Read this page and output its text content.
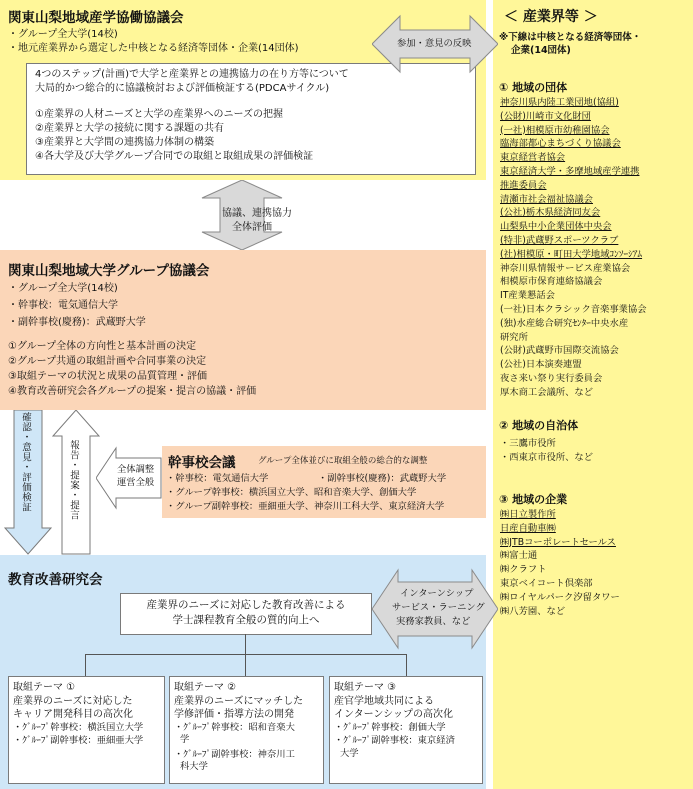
関東山梨地域産学協働協議会
・グループ全大学(14校)
・地元産業界から選定した中核となる経済等団体・企業(14団体)
4つのステップ(計画)で大学と産業界との連携協力の在り方等について
大局的かつ総合的に協議検討および評価検証する(PDCAサイクル)
①産業界の人材ニーズと大学の産業界へのニーズの把握
②産業界と大学の接続に関する課題の共有
③産業界と大学間の連携協力体制の構築
④各大学及び大学グループ合同での取組と取組成果の評価検証
参加・意見の反映
協議、連携協力
全体評価
関東山梨地域大学グループ協議会
・グループ全大学(14校)
・幹事校：電気通信大学
・副幹事校(慶務)：武蔵野大学
①グループ全体の方向性と基本計画の決定
②グループ共通の取組計画や合同事業の決定
③取組テーマの状況と成果の品質管理・評価
④教育改善研究会各グループの提案・提言の協議・評価
確認・意見・評価検証	報告・提案・提言	全体調整
運営全般
幹事校会議	グループ全体並びに取組全般の総合的な調整
・幹事校：電気通信大学	・副幹事校(慶務)：武蔵野大学
・グループ幹事校：横浜国立大学、昭和音楽大学、創価大学
・グループ副幹事校：亜細亜大学、神奈川工科大学、東京経済大学
教育改善研究会
産業界のニーズに対応した教育改善による
学士課程教育全般の質的向上へ
取組テーマ ①
産業界のニーズに対応した
キャリア開発科目の高次化
・ｸﾞﾙｰﾌﾟ幹事校：横浜国立大学
・ｸﾞﾙｰﾌﾟ副幹事校：亜細亜大学
取組テーマ ②
産業界のニーズにマッチした
学修評価・指導方法の開発
・ｸﾞﾙｰﾌﾟ幹事校：昭和音楽大
学
・ｸﾞﾙｰﾌﾟ副幹事校：神奈川工
科大学
取組テーマ ③
産官学地域共同による
インターンシップの高次化
・ｸﾞﾙｰﾌﾟ幹事校：創価大学
・ｸﾞﾙｰﾌﾟ副幹事校：東京経済
大学
インターンシップ
サービス・ラーニング
実務家教員、など
＜ 産業界等 ＞
※下線は中核となる経済等団体・
企業(14団体)
① 地域の団体
神奈川県内陸工業団地(協組)
(公財)川崎市文化財団
(一社)相模原市幼稚園協会
臨海部都心まちづくり協議会
東京経営者協会
東京経済大学・多摩地域産学連携
推進委員会
清瀬市社会福祉協議会
(公社)栃木県経済同友会
山梨県中小企業団体中央会
(特非)武蔵野スポーツクラブ
(社)相模原・町田大学地域ｺﾝｿｰｼｱﾑ
神奈川県情報サービス産業協会
相模原市保育連絡協議会
IT産業懇話会
(一社)日本クラシック音楽事業協会
(独)水産総合研究ｾﾝﾀｰ中央水産
研究所
(公財)武蔵野市国際交流協会
(公社)日本演奏連盟
夜さ来い祭り実行委員会
厚木商工会議所、など
② 地域の自治体
・三鷹市役所
・西東京市役所、など
③ 地域の企業
㈱日立製作所
日産自動車㈱
㈱JTBコーポレートセールス
㈱富士通
㈱クラフト
東京ベイコート倶楽部
㈱ロイヤルパーク汐留タワー
㈱八芳園、など
